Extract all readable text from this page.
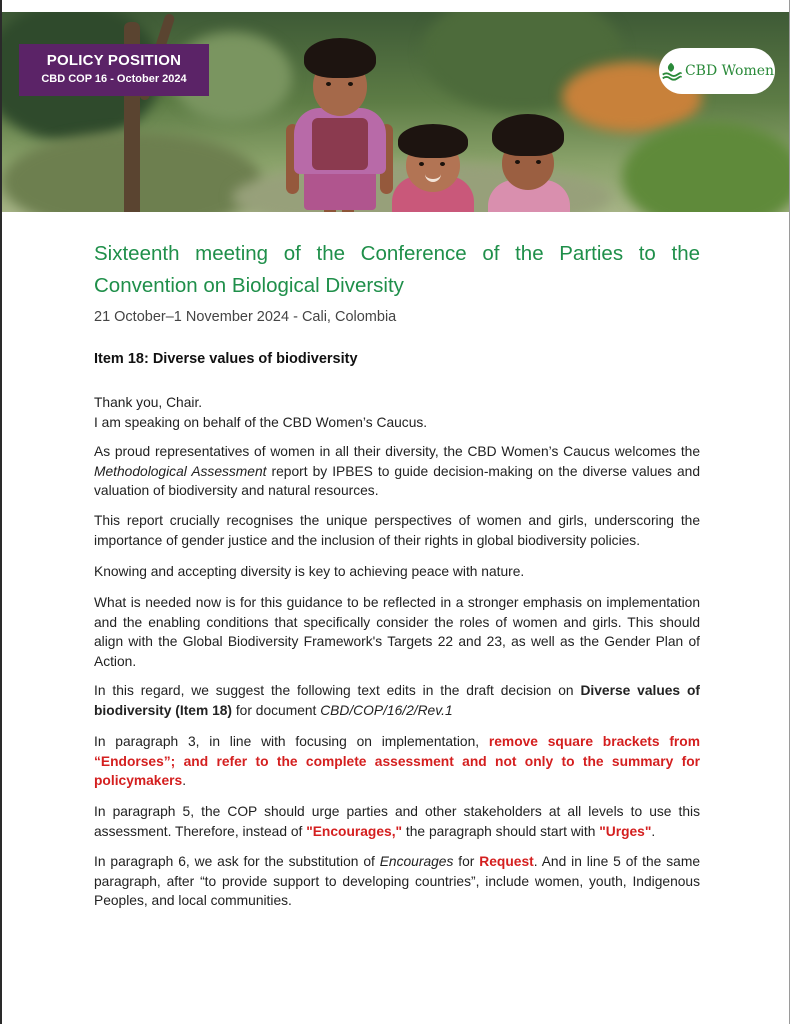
POLICY POSITION
CBD COP 16 - October 2024	CBD Women
Sixteenth meeting of the Conference of the Parties to the Convention on Biological Diversity
21 October–1 November 2024 - Cali, Colombia
Item 18: Diverse values of biodiversity

Thank you, Chair.

I am speaking on behalf of the CBD Women’s Caucus.

As proud representatives of women in all their diversity, the CBD Women’s Caucus welcomes the Methodological Assessment report by IPBES to guide decision-making on the diverse values and valuation of biodiversity and natural resources.

This report crucially recognises the unique perspectives of women and girls, underscoring the importance of gender justice and the inclusion of their rights in global biodiversity policies.

Knowing and accepting diversity is key to achieving peace with nature.

What is needed now is for this guidance to be reflected in a stronger emphasis on implementation and the enabling conditions that specifically consider the roles of women and girls. This should align with the Global Biodiversity Framework's Targets 22 and 23, as well as the Gender Plan of Action.

In this regard, we suggest the following text edits in the draft decision on Diverse values of biodiversity (Item 18) for document CBD/COP/16/2/Rev.1

In paragraph 3, in line with focusing on implementation, remove square brackets from “Endorses”; and refer to the complete assessment and not only to the summary for policymakers.

In paragraph 5, the COP should urge parties and other stakeholders at all levels to use this assessment. Therefore, instead of "Encourages," the paragraph should start with "Urges".

In paragraph 6, we ask for the substitution of Encourages for Request. And in line 5 of the same paragraph, after “to provide support to developing countries”, include women, youth, Indigenous Peoples, and local communities.
